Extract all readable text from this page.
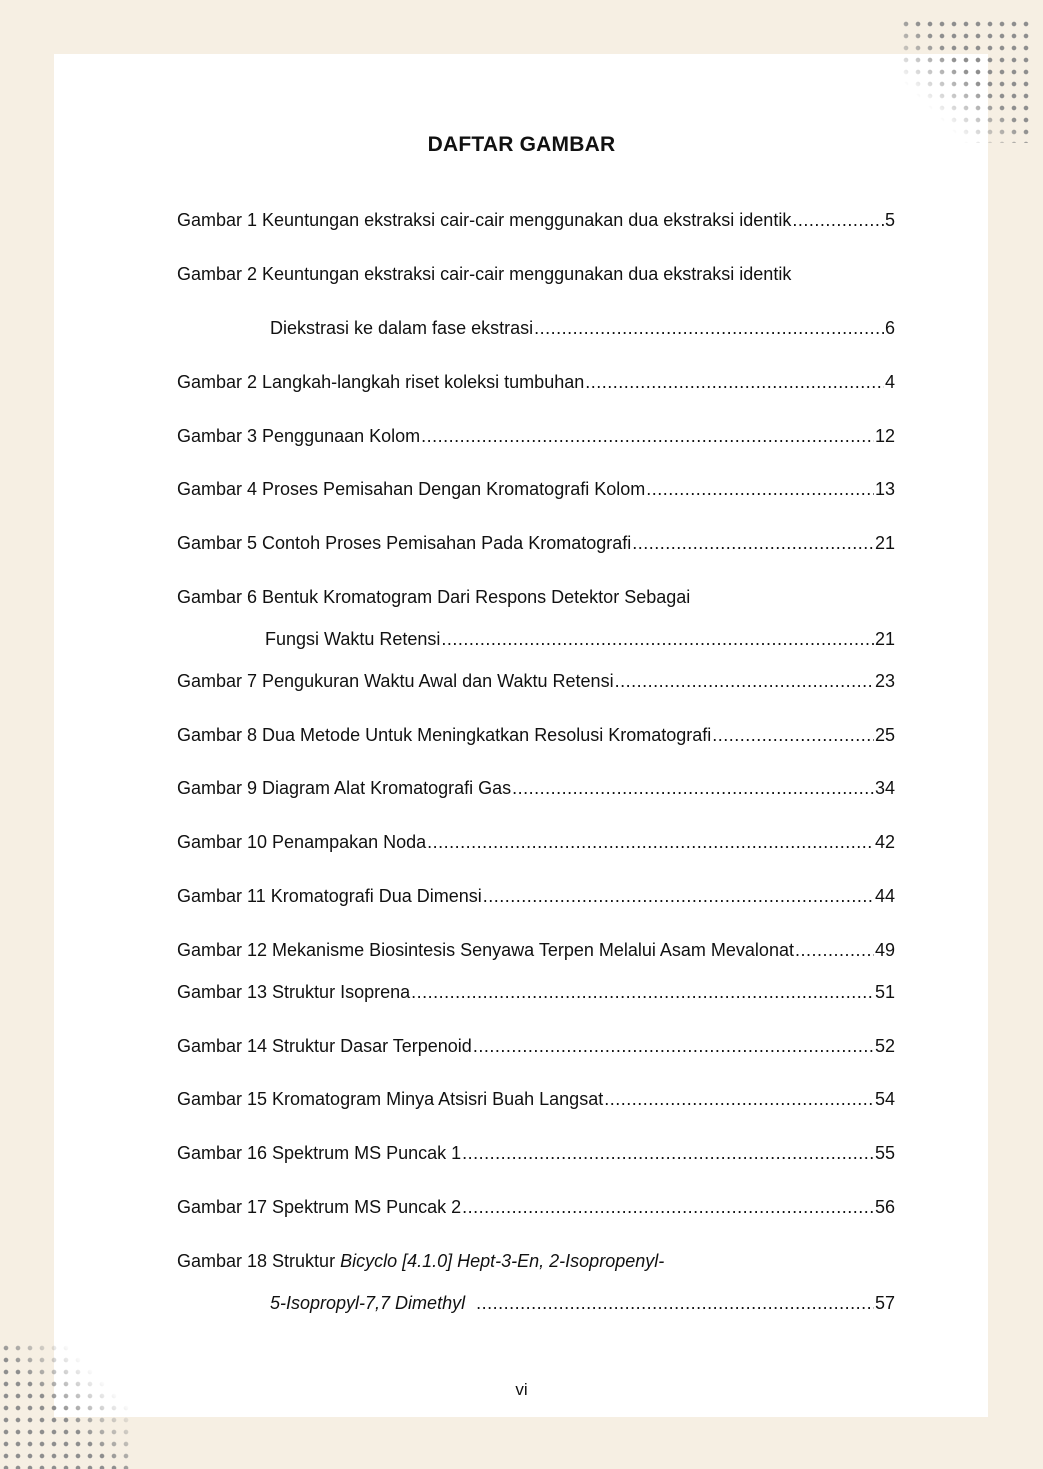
DAFTAR GAMBAR
Gambar 1 Keuntungan ekstraksi cair-cair menggunakan dua ekstraksi identik .....	5
Gambar 2 Keuntungan ekstraksi cair-cair menggunakan dua ekstraksi identik
Diekstrasi ke dalam fase ekstrasi .....	6
Gambar 2 Langkah-langkah riset koleksi tumbuhan .....	4
Gambar 3 Penggunaan Kolom .....	12
Gambar 4 Proses Pemisahan Dengan Kromatografi Kolom .....	13
Gambar 5 Contoh Proses Pemisahan Pada Kromatografi .....	21
Gambar 6 Bentuk Kromatogram Dari Respons Detektor Sebagai
Fungsi Waktu Retensi .....	21
Gambar 7 Pengukuran Waktu Awal dan Waktu Retensi .....	23
Gambar 8 Dua Metode Untuk Meningkatkan Resolusi Kromatografi .....	25
Gambar 9 Diagram Alat Kromatografi Gas .....	34
Gambar 10 Penampakan Noda .....	42
Gambar 11 Kromatografi Dua Dimensi .....	44
Gambar 12 Mekanisme Biosintesis Senyawa Terpen Melalui Asam Mevalonat .....	49
Gambar 13 Struktur Isoprena .....	51
Gambar 14 Struktur Dasar Terpenoid .....	52
Gambar 15 Kromatogram Minya Atsisri Buah Langsat .....	54
Gambar 16 Spektrum MS Puncak 1 .....	55
Gambar 17 Spektrum MS Puncak 2 .....	56
Gambar 18 Struktur Bicyclo [4.1.0] Hept-3-En, 2-Isopropenyl-
5-Isopropyl-7,7 Dimethyl .....	57
vi
